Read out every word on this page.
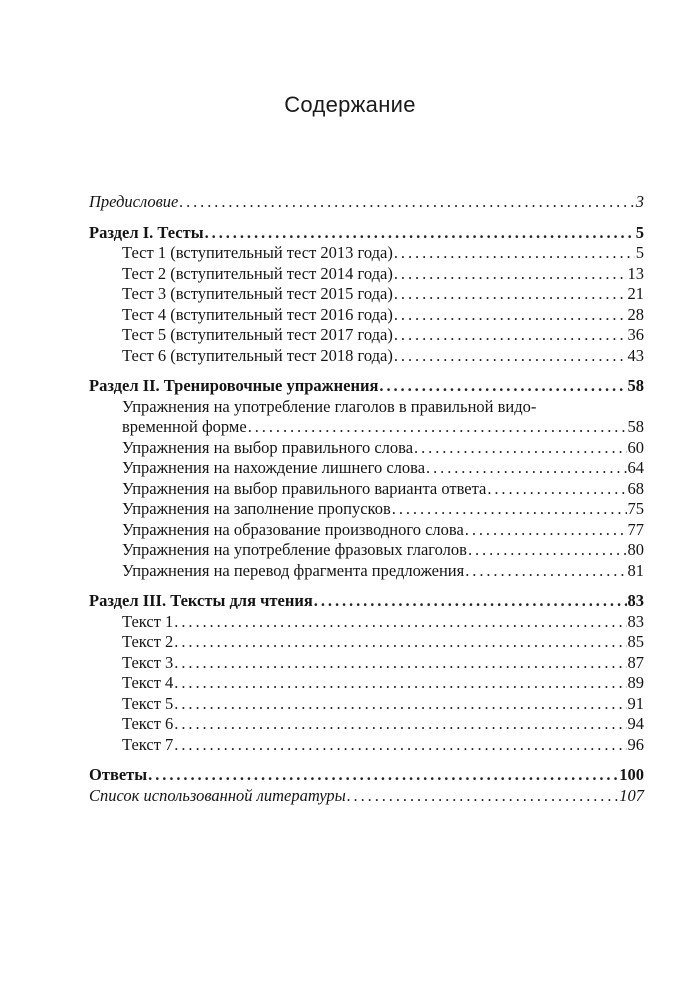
Содержание
Предисловие . . .	3
Раздел I. Тесты . . .	5
Тест 1 (вступительный тест 2013 года) . . .	5
Тест 2 (вступительный тест 2014 года) . . .	13
Тест 3 (вступительный тест 2015 года) . . .	21
Тест 4 (вступительный тест 2016 года) . . .	28
Тест 5 (вступительный тест 2017 года) . . .	36
Тест 6 (вступительный тест 2018 года) . . .	43
Раздел II. Тренировочные упражнения . . .	58
Упражнения на употребление глаголов в правильной видо-
временной форме . . .	58
Упражнения на выбор правильного слова . . .	60
Упражнения на нахождение лишнего слова . . .	64
Упражнения на выбор правильного варианта ответа . . .	68
Упражнения на заполнение пропусков . . .	75
Упражнения на образование производного слова . . .	77
Упражнения на употребление фразовых глаголов . . .	80
Упражнения на перевод фрагмента предложения . . .	81
Раздел III. Тексты для чтения . . .	83
Текст 1 . . .	83
Текст 2 . . .	85
Текст 3 . . .	87
Текст 4 . . .	89
Текст 5 . . .	91
Текст 6 . . .	94
Текст 7 . . .	96
Ответы . . .	100
Список использованной литературы . . .	107
